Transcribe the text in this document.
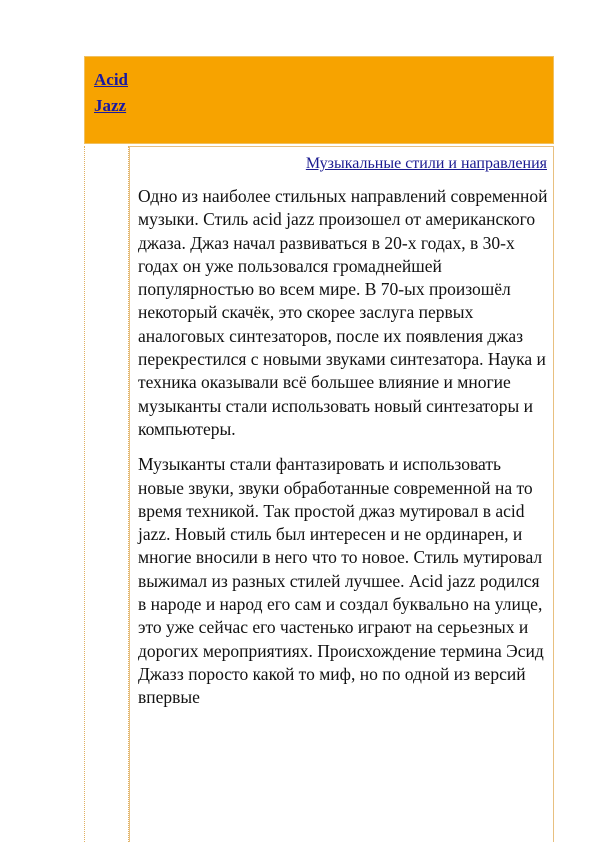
Acid Jazz
Музыкальные стили и направления

Одно из наиболее стильных направлений современной музыки. Стиль acid jazz произошел от американского джаза. Джаз начал развиваться в 20-х годах, в 30-х годах он уже пользовался громаднейшей популярностью во всем мире. В 70-ых произошёл некоторый скачёк, это скорее заслуга первых аналоговых синтезаторов, после их появления джаз перекрестился с новыми звуками синтезатора. Наука и техника оказывали всё большее влияние и многие музыканты стали использовать новый синтезаторы и компьютеры.

Музыканты стали фантазировать и использовать новые звуки, звуки обработанные современной на то время техникой. Так простой джаз мутировал в acid jazz. Новый стиль был интересен и не ординарен, и многие вносили в него что то новое. Стиль мутировал выжимал из разных стилей лучшее. Acid jazz родился в народе и народ его сам и создал буквально на улице, это уже сейчас его частенько играют на серьезных и дорогих мероприятиях. Происхождение термина Эсид Джазз поросто какой то миф, но по одной из версий впервые
